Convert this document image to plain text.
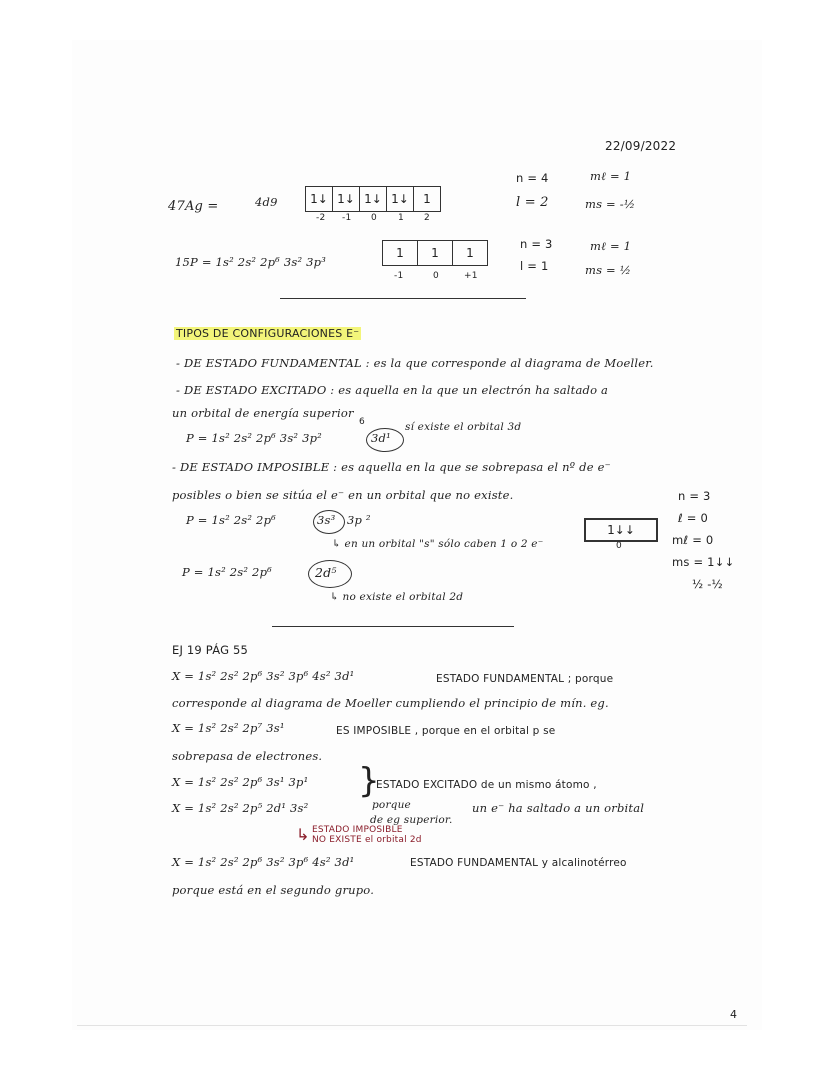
22/09/2022
47Ag =	4d9	1↓ 1↓ 1↓ 1↓	1
-2 -1 0 1 2
n = 4
l = 2
mℓ = 1
ms = -½
15P = 1s² 2s² 2p⁶ 3s² 3p³
1	1	1
-1	0	+1
n = 3
l = 1
mℓ = 1
ms = ½
TIPOS DE CONFIGURACIONES E⁻
- DE ESTADO FUNDAMENTAL : es la que corresponde al diagrama de Moeller.
- DE ESTADO EXCITADO : es aquella en la que un electrón ha saltado a
un orbital de energía superior
6
P = 1s² 2s² 2p⁶ 3s² 3p²	3d¹
sí existe el orbital 3d
- DE ESTADO IMPOSIBLE : es aquella en la que se sobrepasa el nº de e⁻
posibles o bien se sitúa el e⁻ en un orbital que no existe.
P = 1s² 2s² 2p⁶	3s³ 3p ²
↳ en un orbital "s" sólo caben 1 o 2 e⁻
P = 1s² 2s² 2p⁶	2d⁵
↳ no existe el orbital 2d
1↓↓
0
n = 3
ℓ = 0
mℓ = 0
ms = 1↓↓
½ -½
EJ 19 PÁG 55
X = 1s² 2s² 2p⁶ 3s² 3p⁶ 4s² 3d¹	ESTADO FUNDAMENTAL ; porque
corresponde al diagrama de Moeller cumpliendo el principio de mín. eg.
X = 1s² 2s² 2p⁷ 3s¹	ES IMPOSIBLE , porque en el orbital p se
sobrepasa de electrones.
X = 1s² 2s² 2p⁶ 3s¹ 3p¹ }
ESTADO EXCITADO de un mismo átomo ,
X = 1s² 2s² 2p⁵ 2d¹ 3s²	porque	un e⁻ ha saltado a un orbital
de eg superior.
↳ ESTADO IMPOSIBLE
NO EXISTE el orbital 2d
X = 1s² 2s² 2p⁶ 3s² 3p⁶ 4s² 3d¹	ESTADO FUNDAMENTAL y alcalinotérreo
porque está en el segundo grupo.
4
